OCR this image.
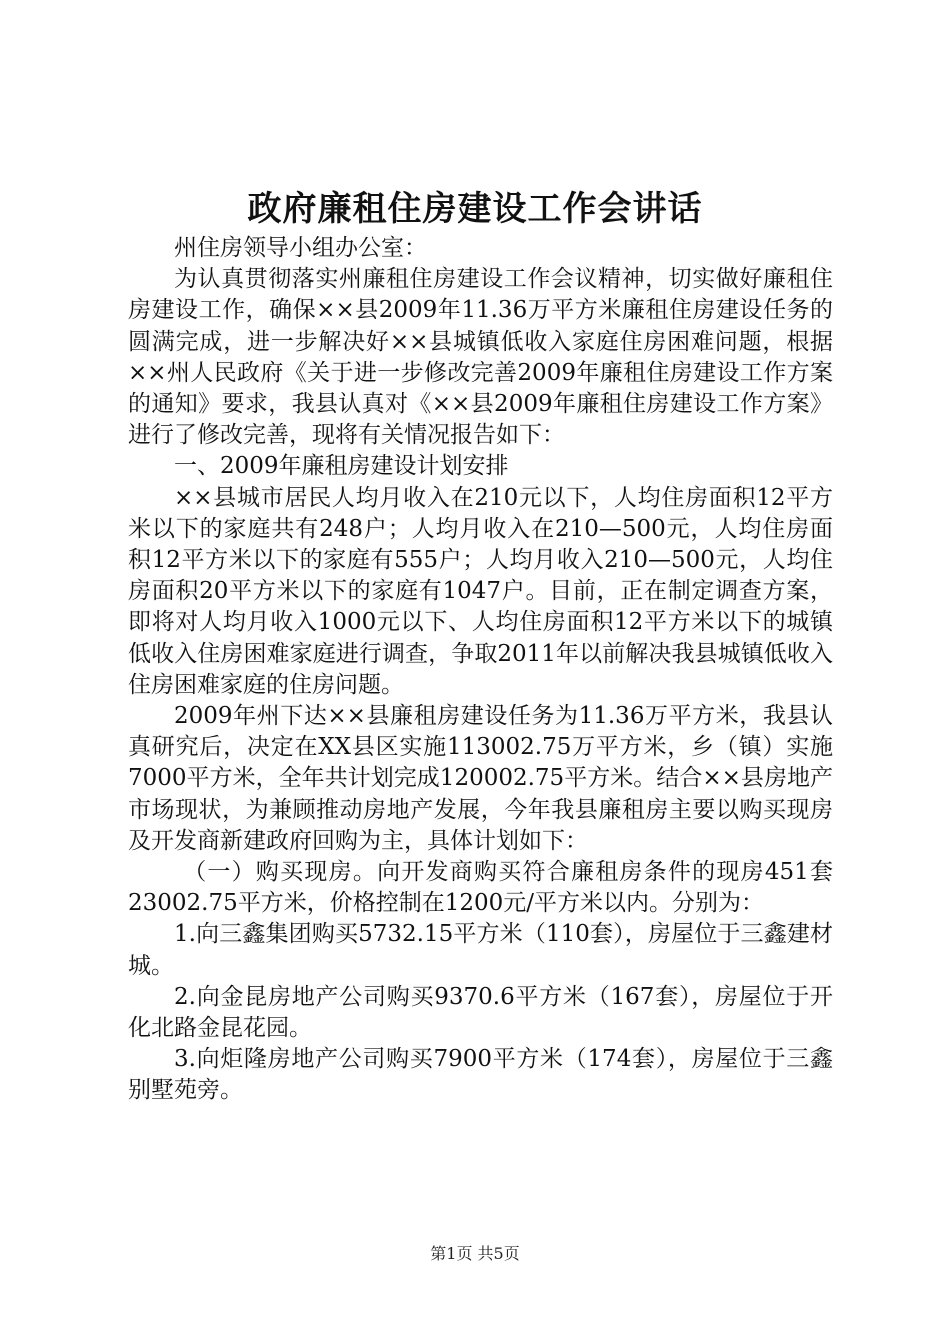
政府廉租住房建设工作会讲话

州住房领导小组办公室：

为认真贯彻落实州廉租住房建设工作会议精神，切实做好廉租住房建设工作，确保××县2009年11.36万平方米廉租住房建设任务的圆满完成，进一步解决好××县城镇低收入家庭住房困难问题，根据××州人民政府《关于进一步修改完善2009年廉租住房建设工作方案的通知》要求，我县认真对《××县2009年廉租住房建设工作方案》进行了修改完善，现将有关情况报告如下：

一、2009年廉租房建设计划安排

××县城市居民人均月收入在210元以下，人均住房面积12平方米以下的家庭共有248户；人均月收入在210—500元，人均住房面积12平方米以下的家庭有555户；人均月收入210—500元，人均住房面积20平方米以下的家庭有1047户。目前，正在制定调查方案，即将对人均月收入1000元以下、人均住房面积12平方米以下的城镇低收入住房困难家庭进行调查，争取2011年以前解决我县城镇低收入住房困难家庭的住房问题。

2009年州下达××县廉租房建设任务为11.36万平方米，我县认真研究后，决定在XX县区实施113002.75万平方米，乡（镇）实施7000平方米，全年共计划完成120002.75平方米。结合××县房地产市场现状，为兼顾推动房地产发展，今年我县廉租房主要以购买现房及开发商新建政府回购为主，具体计划如下：

（一）购买现房。向开发商购买符合廉租房条件的现房451套23002.75平方米，价格控制在1200元/平方米以内。分别为：

1.向三鑫集团购买5732.15平方米（110套），房屋位于三鑫建材城。

2.向金昆房地产公司购买9370.6平方米（167套），房屋位于开化北路金昆花园。

3.向炬隆房地产公司购买7900平方米（174套），房屋位于三鑫别墅苑旁。

第1页 共5页
